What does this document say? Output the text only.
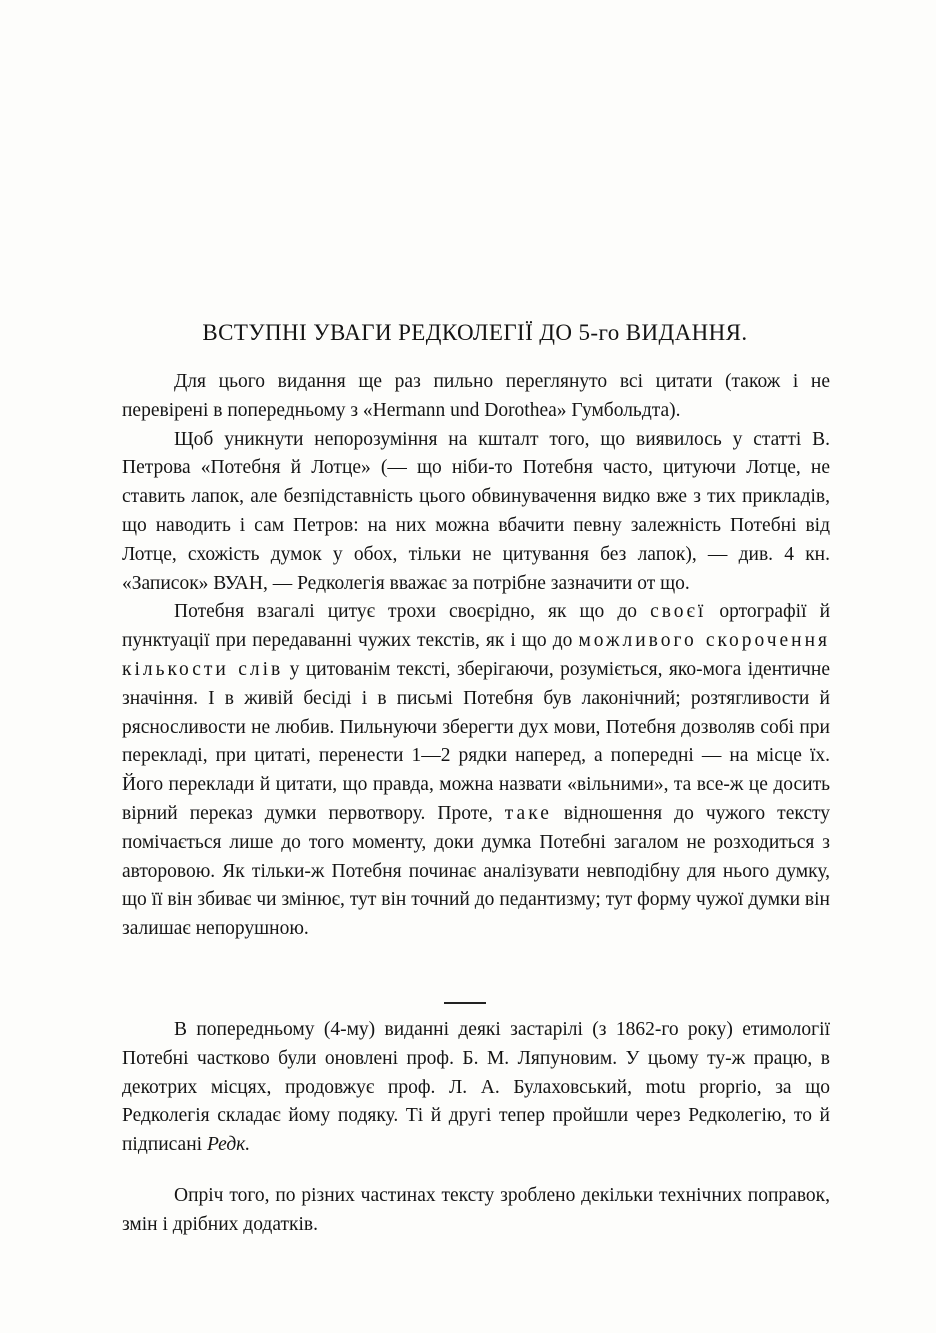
ВСТУПНІ УВАГИ РЕДКОЛЕГІЇ ДО 5-го ВИДАННЯ.

Для цього видання ще раз пильно переглянуто всі цитати (також і не перевірені в попередньому з «Hermann und Dorothea» Гумбольдта).

Щоб уникнути непорозуміння на кшталт того, що виявилось у статті В. Петрова «Потебня й Лотце» (— що ніби-то Потебня часто, цитуючи Лотце, не ставить лапок, але безпідставність цього обвинувачення видко вже з тих прикладів, що наводить і сам Петров: на них можна вбачити певну залежність Потебні від Лотце, схожість думок у обох, тільки не цитування без лапок), — див. 4 кн. «Записок» ВУАН, — Редколегія вважає за потрібне зазначити от що.

Потебня взагалі цитує трохи своєрідно, як що до своєї ортографії й пунктуації при передаванні чужих текстів, як і що до можливого скорочення кількости слів у цитованім тексті, зберігаючи, розуміється, яко-мога ідентичне значіння. І в живій бесіді і в письмі Потебня був лаконічний; розтягливости й рясносливости не любив. Пильнуючи зберегти дух мови, Потебня дозволяв собі при перекладі, при цитаті, перенести 1—2 рядки наперед, а попередні — на місце їх. Його переклади й цитати, що правда, можна назвати «вільними», та все-ж це досить вірний переказ думки первотвору. Проте, таке відношення до чужого тексту помічається лише до того моменту, доки думка Потебні загалом не розходиться з авторовою. Як тільки-ж Потебня починає аналізувати невподібну для нього думку, що її він збиває чи змінює, тут він точний до педантизму; тут форму чужої думки він залишає непорушною.

В попередньому (4-му) виданні деякі застарілі (з 1862-го року) етимології Потебні частково були оновлені проф. Б. М. Ляпуновим. У цьому ту-ж працю, в декотрих місцях, продовжує проф. Л. А. Булаховський, motu proprio, за що Редколегія складає йому подяку. Ті й другі тепер пройшли через Редколегію, то й підписані Редк.

Опріч того, по різних частинах тексту зроблено декільки технічних поправок, змін і дрібних додатків.
